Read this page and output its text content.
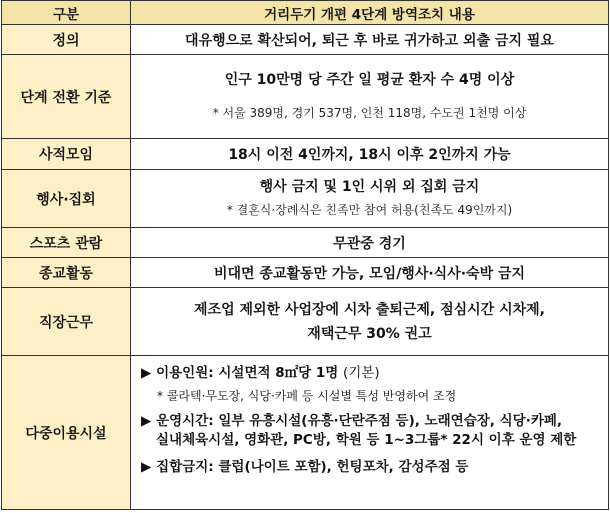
구분	거리두기 개편 4단계 방역조치 내용
정의	대유행으로 확산되어, 퇴근 후 바로 귀가하고 외출 금지 필요
단계 전환 기준	인구 10만명 당 주간 일 평균 환자 수 4명 이상
* 서울 389명, 경기 537명, 인천 118명, 수도권 1천명 이상

사적모임	18시 이전 4인까지, 18시 이후 2인까지 가능
행사·집회	행사 금지 및 1인 시위 외 집회 금지
* 결혼식·장례식은 친족만 참여 허용(친족도 49인까지)

스포츠 관람	무관중 경기
종교활동	비대면 종교활동만 가능, 모임/행사·식사·숙박 금지
직장근무	제조업 제외한 사업장에 시차 출퇴근제, 점심시간 시차제,
재택근무 30% 권고

다중이용시설	▶ 이용인원: 시설면적 8㎡당 1명 (기본)
* 콜라텍·무도장, 식당·카페 등 시설별 특성 반영하여 조정
▶ 운영시간: 일부 유흥시설(유흥·단란주점 등), 노래연습장, 식당·카페,
실내체육시설, 영화관, PC방, 학원 등 1~3그룹* 22시 이후 운영 제한
▶ 집합금지: 클럽(나이트 포함), 헌팅포차, 감성주점 등
